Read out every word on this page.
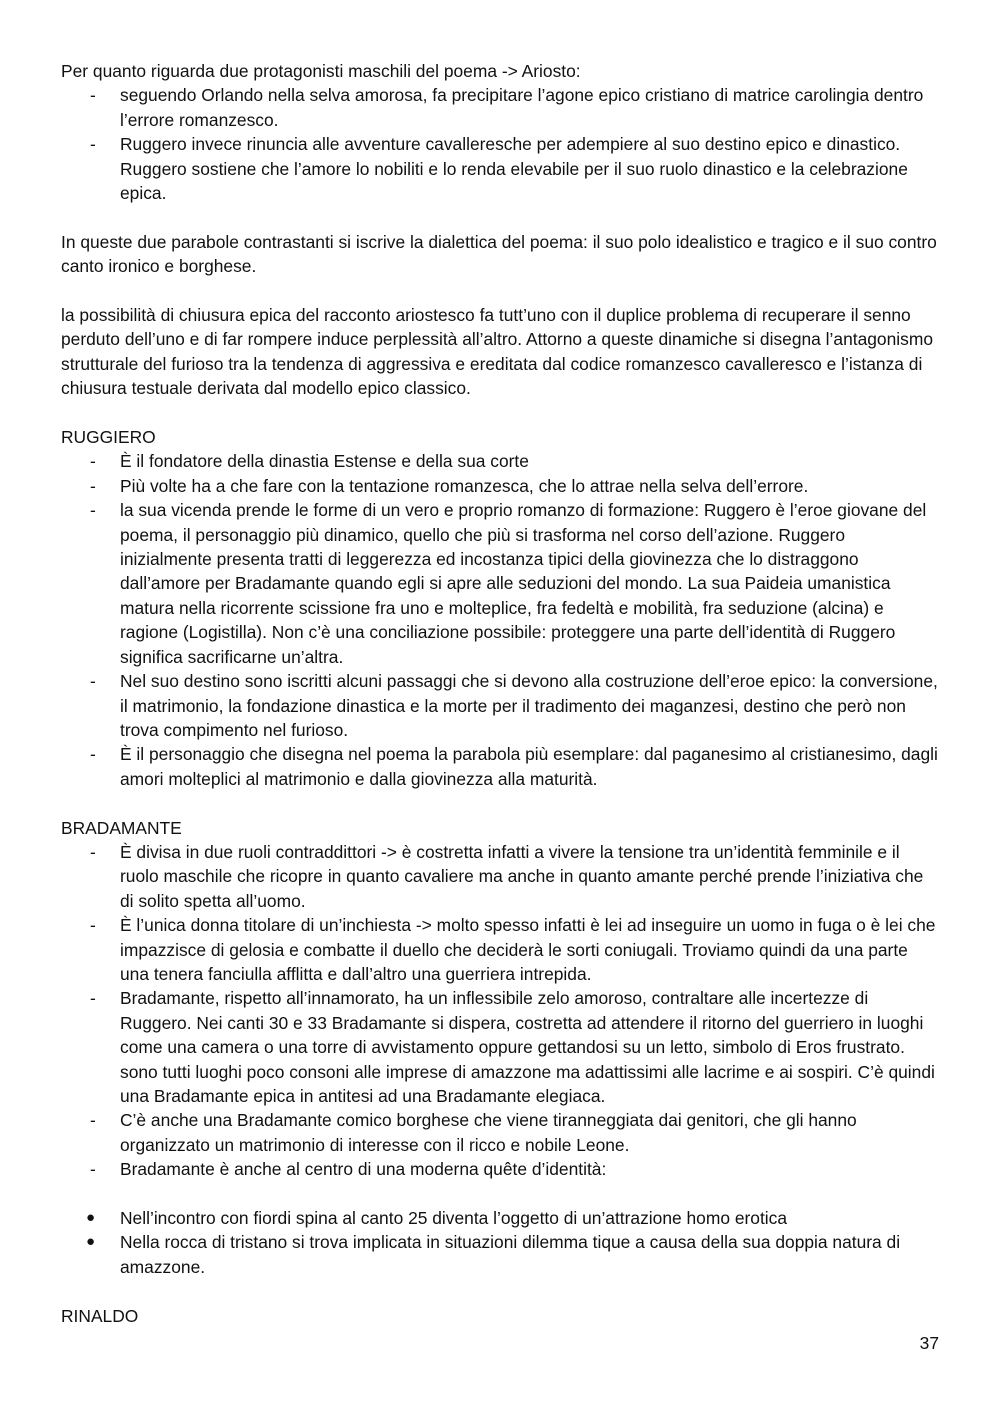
Per quanto riguarda due protagonisti maschili del poema -> Ariosto:

- seguendo Orlando nella selva amorosa, fa precipitare l’agone epico cristiano di matrice carolingia dentro l’errore romanzesco.
- Ruggero invece rinuncia alle avventure cavalleresche per adempiere al suo destino epico e dinastico. Ruggero sostiene che l’amore lo nobiliti e lo renda elevabile per il suo ruolo dinastico e la celebrazione epica.

In queste due parabole contrastanti si iscrive la dialettica del poema: il suo polo idealistico e tragico e il suo contro canto ironico e borghese.

la possibilità di chiusura epica del racconto ariostesco fa tutt’uno con il duplice problema di recuperare il senno perduto dell’uno e di far rompere induce perplessità all’altro. Attorno a queste dinamiche si disegna l’antagonismo strutturale del furioso tra la tendenza di aggressiva e ereditata dal codice romanzesco cavalleresco e l’istanza di chiusura testuale derivata dal modello epico classico.

RUGGIERO

- È il fondatore della dinastia Estense e della sua corte
- Più volte ha a che fare con la tentazione romanzesca, che lo attrae nella selva dell’errore.
- la sua vicenda prende le forme di un vero e proprio romanzo di formazione: Ruggero è l’eroe giovane del poema, il personaggio più dinamico, quello che più si trasforma nel corso dell’azione. Ruggero inizialmente presenta tratti di leggerezza ed incostanza tipici della giovinezza che lo distraggono dall’amore per Bradamante quando egli si apre alle seduzioni del mondo. La sua Paideia umanistica matura nella ricorrente scissione fra uno e molteplice, fra fedeltà e mobilità, fra seduzione (alcina) e ragione (Logistilla). Non c’è una conciliazione possibile: proteggere una parte dell’identità di Ruggero significa sacrificarne un’altra.
- Nel suo destino sono iscritti alcuni passaggi che si devono alla costruzione dell’eroe epico: la conversione, il matrimonio, la fondazione dinastica e la morte per il tradimento dei maganzesi, destino che però non trova compimento nel furioso.
- È il personaggio che disegna nel poema la parabola più esemplare: dal paganesimo al cristianesimo, dagli amori molteplici al matrimonio e dalla giovinezza alla maturità.

BRADAMANTE

- È divisa in due ruoli contraddittori -> è costretta infatti a vivere la tensione tra un’identità femminile e il ruolo maschile che ricopre in quanto cavaliere ma anche in quanto amante perché prende l’iniziativa che di solito spetta all’uomo.
- È l’unica donna titolare di un’inchiesta -> molto spesso infatti è lei ad inseguire un uomo in fuga o è lei che impazzisce di gelosia e combatte il duello che deciderà le sorti coniugali. Troviamo quindi da una parte una tenera fanciulla afflitta e dall’altro una guerriera intrepida.
- Bradamante, rispetto all’innamorato, ha un inflessibile zelo amoroso, contraltare alle incertezze di Ruggero. Nei canti 30 e 33 Bradamante si dispera, costretta ad attendere il ritorno del guerriero in luoghi come una camera o una torre di avvistamento oppure gettandosi su un letto, simbolo di Eros frustrato. sono tutti luoghi poco consoni alle imprese di amazzone ma adattissimi alle lacrime e ai sospiri. C’è quindi una Bradamante epica in antitesi ad una Bradamante elegiaca.
- C’è anche una Bradamante comico borghese che viene tiranneggiata dai genitori, che gli hanno organizzato un matrimonio di interesse con il ricco e nobile Leone.
- Bradamante è anche al centro di una moderna quête d’identità:
● Nell’incontro con fiordi spina al canto 25 diventa l’oggetto di un’attrazione homo erotica
● Nella rocca di tristano si trova implicata in situazioni dilemma tique a causa della sua doppia natura di amazzone.

RINALDO

37
